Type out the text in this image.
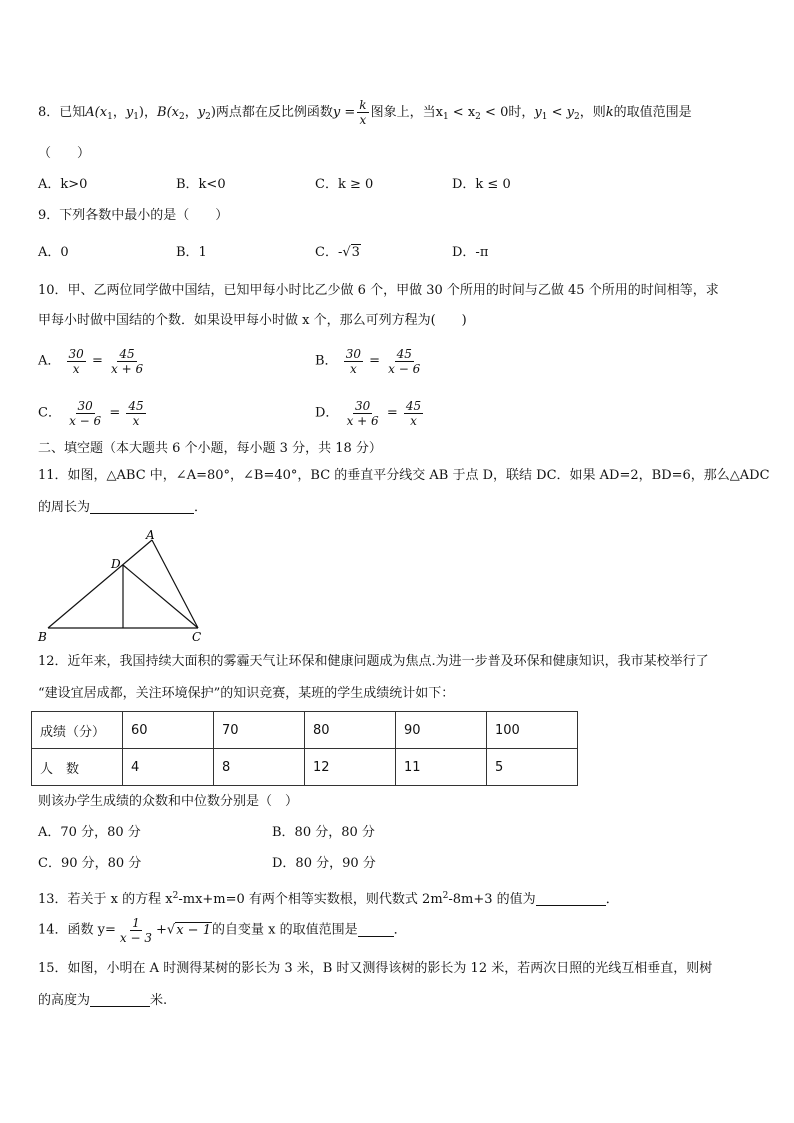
8．已知$A(x_1$，$y_1$)，$B(x_2$，$y_2$)两点都在反比例函数$y = \frac{k}{x}$ 图象上，当$x_1 < x_2 < 0$时，$y_1 < y_2$，则k的取值范围是
（　　）
A．k>0	B．k<0	C．k ≥ 0	D．k ≤ 0
9．下列各数中最小的是（　　）
A．0	B．1	C．-√3	D．-π
10．甲、乙两位同学做中国结，已知甲每小时比乙少做 6 个，甲做 30 个所用的时间与乙做 45 个所用的时间相等，求
甲每小时做中国结的个数．如果设甲每小时做 x 个，那么可列方程为(　　)
A． $\frac{30}{x} = \frac{45}{x + 6}$	B． $\frac{30}{x} = \frac{45}{x - 6}$
C． $\frac{30}{x - 6} = \frac{45}{x}$	D． $\frac{30}{x + 6} = \frac{45}{x}$
二、填空题（本大题共 6 个小题，每小题 3 分，共 18 分）
11．如图，△ABC 中，∠A=80°，∠B=40°，BC 的垂直平分线交 AB 于点 D，联结 DC．如果 AD=2，BD=6，那么△ADC
的周长为	．
A
D
B	C
12．近年来，我国持续大面积的雾霾天气让环保和健康问题成为焦点.为进一步普及环保和健康知识，我市某校举行了
“建设宜居成都，关注环境保护”的知识竞赛，某班的学生成绩统计如下：
成绩（分）	60	70	80	90	100
人　数	4	8	12	11	5
则该办学生成绩的众数和中位数分别是（　）
A．70 分，80 分	B．80 分，80 分
C．90 分，80 分	D．80 分，90 分
13．若关于 x 的方程 $x^2-mx+m=0$ 有两个相等实数根，则代数式 $2m^2-8m+3$ 的值为	．
14．函数 $y= \frac{1}{x - 3} +√x - 1$的自变量 x 的取值范围是	．
15．如图，小明在 A 时测得某树的影长为 3 米，B 时又测得该树的影长为 12 米，若两次日照的光线互相垂直，则树
的高度为	米.
